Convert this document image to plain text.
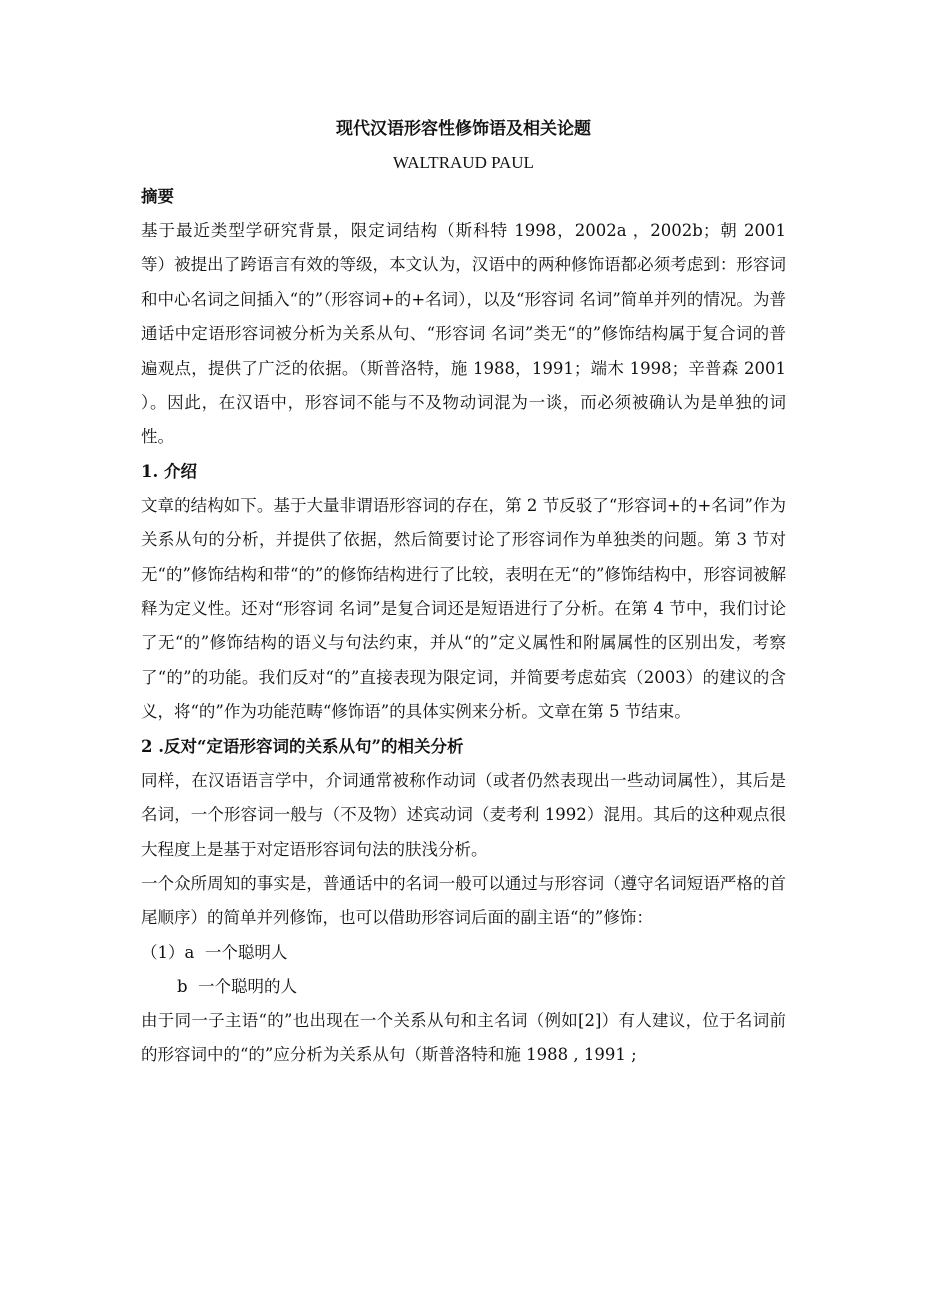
现代汉语形容性修饰语及相关论题

WALTRAUD PAUL

摘要

基于最近类型学研究背景，限定词结构（斯科特 1998，2002a ，2002b；朝 2001 等）被提出了跨语言有效的等级，本文认为，汉语中的两种修饰语都必须考虑到：形容词和中心名词之间插入“的”（形容词+的+名词），以及“形容词 名词”简单并列的情况。为普通话中定语形容词被分析为关系从句、“形容词 名词”类无“的”修饰结构属于复合词的普遍观点，提供了广泛的依据。（斯普洛特，施 1988，1991；端木 1998；辛普森 2001 ）。因此，在汉语中，形容词不能与不及物动词混为一谈，而必须被确认为是单独的词性。

1. 介绍

文章的结构如下。基于大量非谓语形容词的存在，第 2 节反驳了“形容词+的+名词”作为关系从句的分析，并提供了依据，然后简要讨论了形容词作为单独类的问题。第 3 节对无“的”修饰结构和带“的”的修饰结构进行了比较，表明在无“的”修饰结构中，形容词被解释为定义性。还对“形容词 名词”是复合词还是短语进行了分析。在第 4 节中，我们讨论了无“的”修饰结构的语义与句法约束，并从“的”定义属性和附属属性的区别出发，考察了“的”的功能。我们反对“的”直接表现为限定词，并简要考虑茹宾（2003）的建议的含义，将“的”作为功能范畴“修饰语”的具体实例来分析。文章在第 5 节结束。

2 .反对“定语形容词的关系从句”的相关分析

同样，在汉语语言学中，介词通常被称作动词（或者仍然表现出一些动词属性），其后是名词，一个形容词一般与（不及物）述宾动词（麦考利 1992）混用。其后的这种观点很大程度上是基于对定语形容词句法的肤浅分析。

一个众所周知的事实是，普通话中的名词一般可以通过与形容词（遵守名词短语严格的首尾顺序）的简单并列修饰，也可以借助形容词后面的副主语“的”修饰：

（1）a  一个聪明人

b  一个聪明的人

由于同一子主语“的”也出现在一个关系从句和主名词（例如[2]）有人建议，位于名词前的形容词中的“的”应分析为关系从句（斯普洛特和施 1988 , 1991 ;
